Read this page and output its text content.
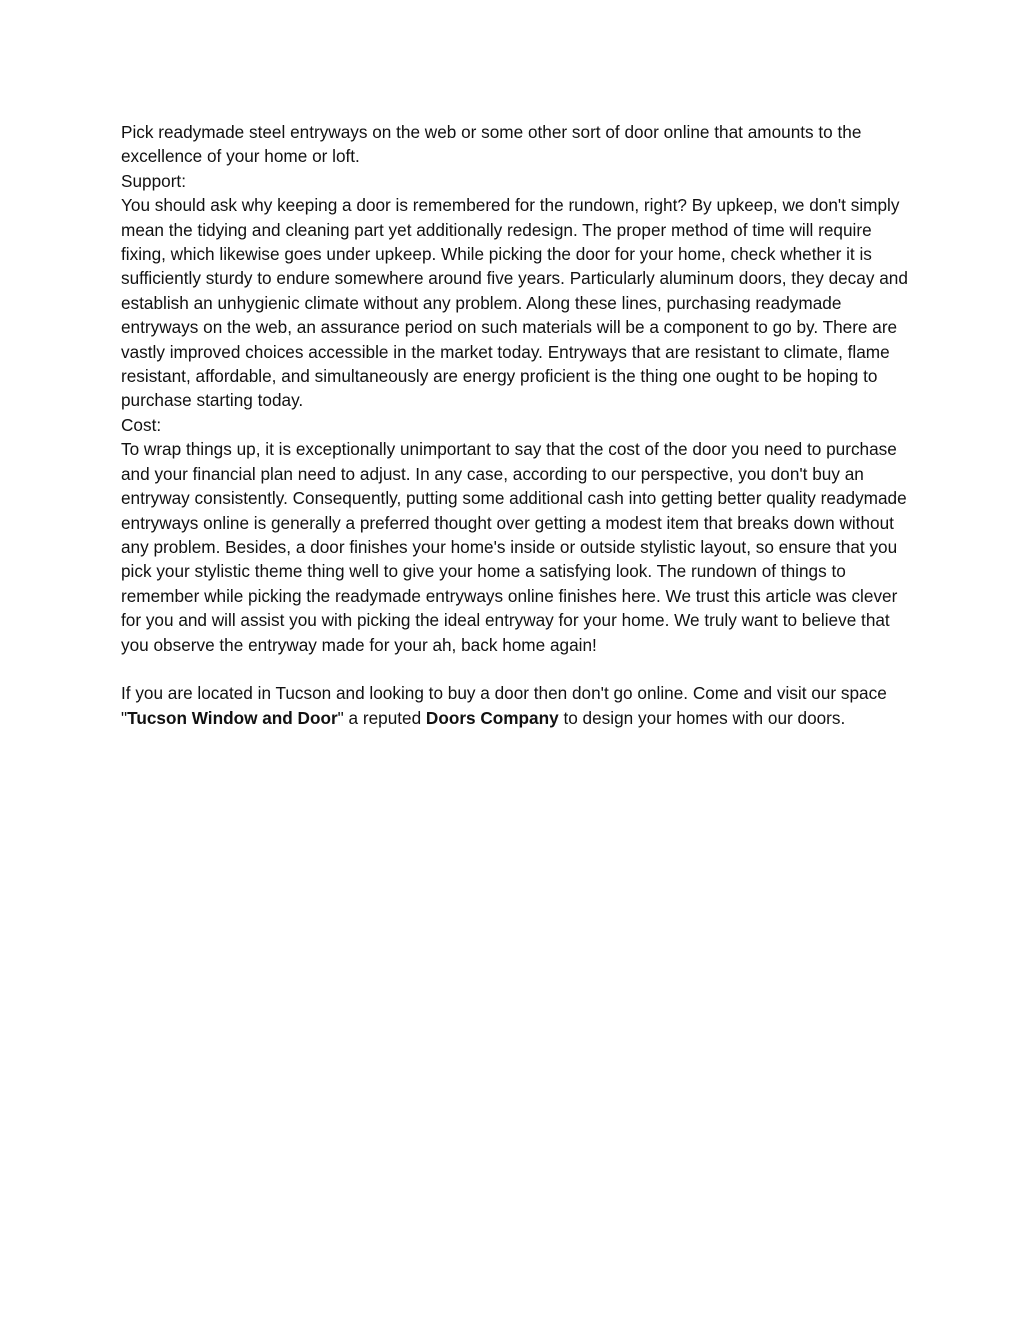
Pick readymade steel entryways on the web or some other sort of door online that amounts to the excellence of your home or loft.

Support:

You should ask why keeping a door is remembered for the rundown, right? By upkeep, we don't simply mean the tidying and cleaning part yet additionally redesign. The proper method of time will require fixing, which likewise goes under upkeep. While picking the door for your home, check whether it is sufficiently sturdy to endure somewhere around five years. Particularly aluminum doors, they decay and establish an unhygienic climate without any problem. Along these lines, purchasing readymade entryways on the web, an assurance period on such materials will be a component to go by. There are vastly improved choices accessible in the market today. Entryways that are resistant to climate, flame resistant, affordable, and simultaneously are energy proficient is the thing one ought to be hoping to purchase starting today.

Cost:

To wrap things up, it is exceptionally unimportant to say that the cost of the door you need to purchase and your financial plan need to adjust. In any case, according to our perspective, you don't buy an entryway consistently. Consequently, putting some additional cash into getting better quality readymade entryways online is generally a preferred thought over getting a modest item that breaks down without any problem. Besides, a door finishes your home's inside or outside stylistic layout, so ensure that you pick your stylistic theme thing well to give your home a satisfying look. The rundown of things to remember while picking the readymade entryways online finishes here. We trust this article was clever for you and will assist you with picking the ideal entryway for your home. We truly want to believe that you observe the entryway made for your ah, back home again!

If you are located in Tucson and looking to buy a door then don't go online. Come and visit our space "Tucson Window and Door" a reputed Doors Company to design your homes with our doors.
